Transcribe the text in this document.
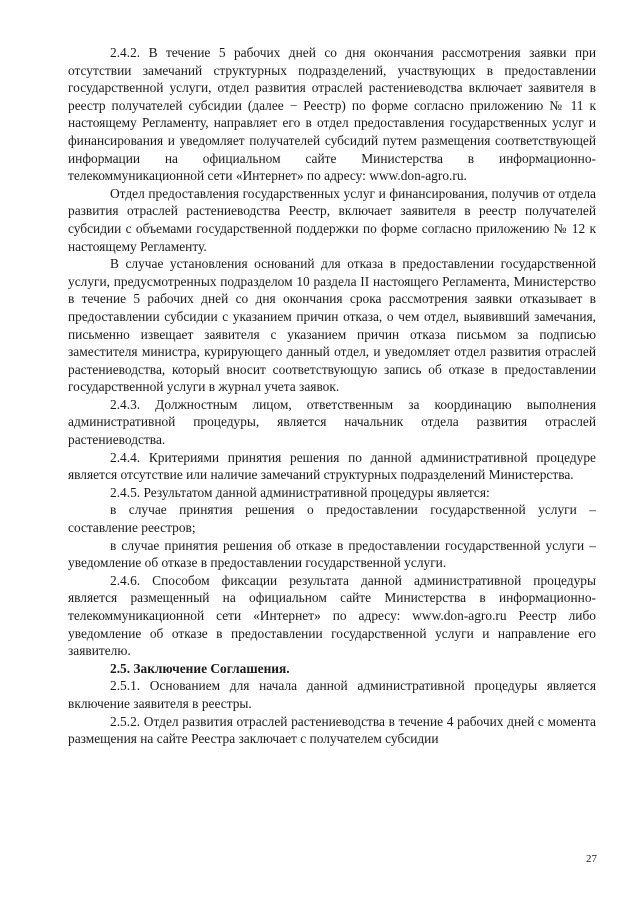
2.4.2. В течение 5 рабочих дней со дня окончания рассмотрения заявки при отсутствии замечаний структурных подразделений, участвующих в предоставлении государственной услуги, отдел развития отраслей растениеводства включает заявителя в реестр получателей субсидии (далее − Реестр) по форме согласно приложению № 11 к настоящему Регламенту, направляет его в отдел предоставления государственных услуг и финансирования и уведомляет получателей субсидий путем размещения соответствующей информации на официальном сайте Министерства в информационно-телекоммуникационной сети «Интернет» по адресу: www.don-agro.ru.

Отдел предоставления государственных услуг и финансирования, получив от отдела развития отраслей растениеводства Реестр, включает заявителя в реестр получателей субсидии с объемами государственной поддержки по форме согласно приложению № 12 к настоящему Регламенту.

В случае установления оснований для отказа в предоставлении государственной услуги, предусмотренных подразделом 10 раздела II настоящего Регламента, Министерство в течение 5 рабочих дней со дня окончания срока рассмотрения заявки отказывает в предоставлении субсидии с указанием причин отказа, о чем отдел, выявивший замечания, письменно извещает заявителя с указанием причин отказа письмом за подписью заместителя министра, курирующего данный отдел, и уведомляет отдел развития отраслей растениеводства, который вносит соответствующую запись об отказе в предоставлении государственной услуги в журнал учета заявок.

2.4.3. Должностным лицом, ответственным за координацию выполнения административной процедуры, является начальник отдела развития отраслей растениеводства.

2.4.4. Критериями принятия решения по данной административной процедуре является отсутствие или наличие замечаний структурных подразделений Министерства.

2.4.5. Результатом данной административной процедуры является:

в случае принятия решения о предоставлении государственной услуги – составление реестров;

в случае принятия решения об отказе в предоставлении государственной услуги – уведомление об отказе в предоставлении государственной услуги.

2.4.6. Способом фиксации результата данной административной процедуры является размещенный на официальном сайте Министерства в информационно-телекоммуникационной сети «Интернет» по адресу: www.don-agro.ru Реестр либо уведомление об отказе в предоставлении государственной услуги и направление его заявителю.

2.5. Заключение Соглашения.

2.5.1. Основанием для начала данной административной процедуры является включение заявителя в реестры.

2.5.2. Отдел развития отраслей растениеводства в течение 4 рабочих дней с момента размещения на сайте Реестра заключает с получателем субсидии

27
